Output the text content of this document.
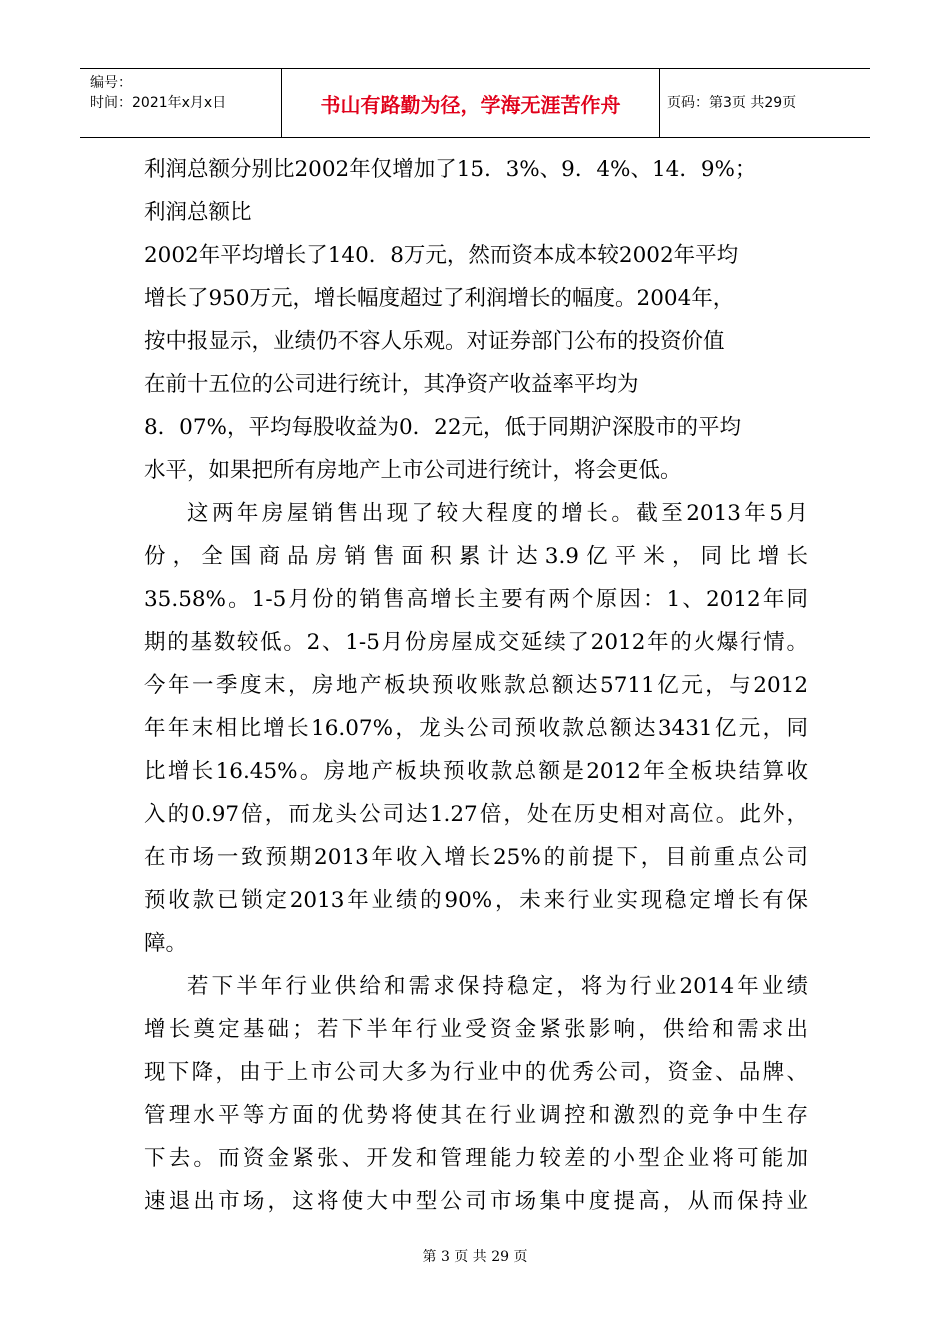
编号：
时间：2021年x月x日	书山有路勤为径，学海无涯苦作舟	页码：第3页 共29页

利润总额分别比2002年仅增加了15．3%、9．4%、14．9%；

利润总额比

2002年平均增长了140．8万元，然而资本成本较2002年平均

增长了950万元，增长幅度超过了利润增长的幅度。2004年，

按中报显示，业绩仍不容人乐观。对证券部门公布的投资价值

在前十五位的公司进行统计，其净资产收益率平均为

8．07%，平均每股收益为0．22元，低于同期沪深股市的平均

水平，如果把所有房地产上市公司进行统计，将会更低。

这两年房屋销售出现了较大程度的增长。截至2013年5月

份，全国商品房销售面积累计达3.9亿平米，同比增长

35.58%。1-5月份的销售高增长主要有两个原因：1、2012年同

期的基数较低。2、1-5月份房屋成交延续了2012年的火爆行情。

今年一季度末，房地产板块预收账款总额达5711亿元，与2012

年年末相比增长16.07%，龙头公司预收款总额达3431亿元，同

比增长16.45%。房地产板块预收款总额是2012年全板块结算收

入的0.97倍，而龙头公司达1.27倍，处在历史相对高位。此外，

在市场一致预期2013年收入增长25%的前提下，目前重点公司

预收款已锁定2013年业绩的90%，未来行业实现稳定增长有保

障。

若下半年行业供给和需求保持稳定，将为行业2014年业绩

增长奠定基础；若下半年行业受资金紧张影响，供给和需求出

现下降，由于上市公司大多为行业中的优秀公司，资金、品牌、

管理水平等方面的优势将使其在行业调控和激烈的竞争中生存

下去。而资金紧张、开发和管理能力较差的小型企业将可能加

速退出市场，这将使大中型公司市场集中度提高，从而保持业

第 3 页 共 29 页
